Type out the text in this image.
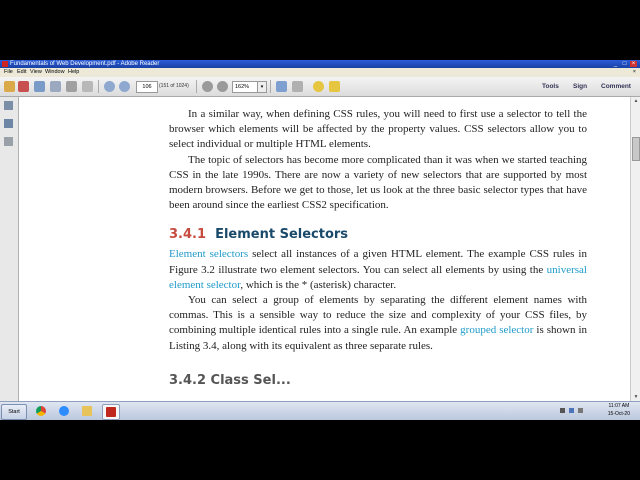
Fundamentals of Web Development.pdf - Adobe Reader	_ □ ×
File Edit View Window Help	×
106	(151 of 1024)	162%	▾	Tools Sign Comment

In a similar way, when defining CSS rules, you will need to first use a selector to tell the browser which elements will be affected by the property values. CSS selectors allow you to select individual or multiple HTML elements.

The topic of selectors has become more complicated than it was when we started teaching CSS in the late 1990s. There are now a variety of new selectors that are supported by most modern browsers. Before we get to those, let us look at the three basic selector types that have been around since the earliest CSS2 specification.

3.4.1 Element Selectors

Element selectors select all instances of a given HTML element. The example CSS rules in Figure 3.2 illustrate two element selectors. You can select all elements by using the universal element selector, which is the * (asterisk) character.

You can select a group of elements by separating the different element names with commas. This is a sensible way to reduce the size and complexity of your CSS files, by combining multiple identical rules into a single rule. An example grouped selector is shown in Listing 3.4, along with its equivalent as three separate rules.

3.4.2 Class Sel...
▲
▼
Start
11:07 AM
15-Oct-20
